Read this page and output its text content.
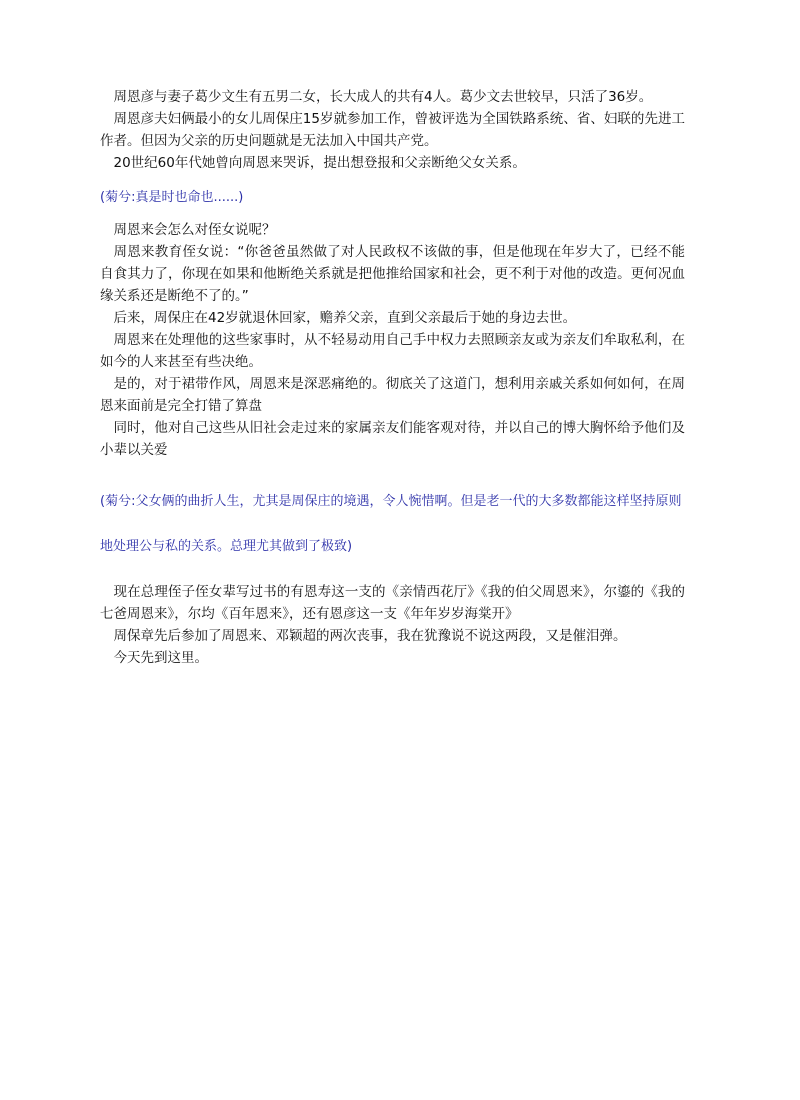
周恩彦与妻子葛少文生有五男二女，长大成人的共有4人。葛少文去世较早，只活了36岁。

周恩彦夫妇俩最小的女儿周保庄15岁就参加工作，曾被评选为全国铁路系统、省、妇联的先进工作者。但因为父亲的历史问题就是无法加入中国共产党。

20世纪60年代她曾向周恩来哭诉，提出想登报和父亲断绝父女关系。

(菊兮:真是时也命也......)

周恩来会怎么对侄女说呢？

周恩来教育侄女说：“你爸爸虽然做了对人民政权不该做的事，但是他现在年岁大了，已经不能自食其力了，你现在如果和他断绝关系就是把他推给国家和社会，更不利于对他的改造。更何况血缘关系还是断绝不了的。”

后来，周保庄在42岁就退休回家，赡养父亲，直到父亲最后于她的身边去世。

周恩来在处理他的这些家事时，从不轻易动用自己手中权力去照顾亲友或为亲友们牟取私利，在如今的人来甚至有些决绝。

是的，对于裙带作风，周恩来是深恶痛绝的。彻底关了这道门，想利用亲戚关系如何如何，在周恩来面前是完全打错了算盘

同时，他对自己这些从旧社会走过来的家属亲友们能客观对待，并以自己的博大胸怀给予他们及小辈以关爱

(菊兮:父女俩的曲折人生，尤其是周保庄的境遇，令人惋惜啊。但是老一代的大多数都能这样坚持原则地处理公与私的关系。总理尤其做到了极致)

现在总理侄子侄女辈写过书的有恩寿这一支的《亲情西花厅》《我的伯父周恩来》，尔鎏的《我的七爸周恩来》，尔均《百年恩来》，还有恩彦这一支《年年岁岁海棠开》

周保章先后参加了周恩来、邓颖超的两次丧事，我在犹豫说不说这两段，又是催泪弹。

今天先到这里。
